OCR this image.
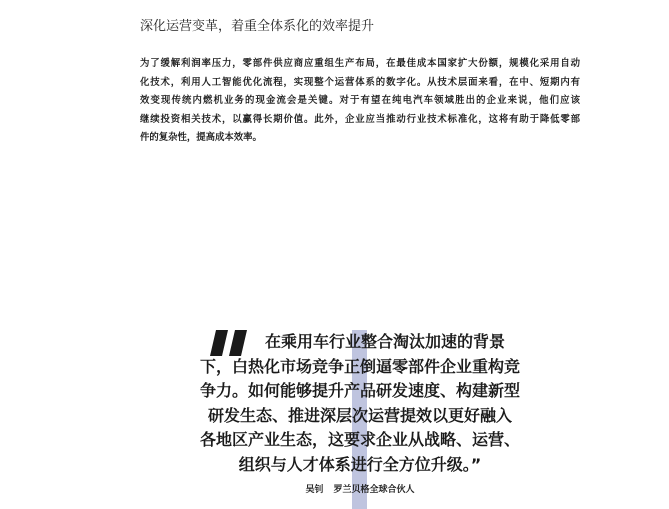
深化运营变革，着重全体系化的效率提升

为了缓解利润率压力，零部件供应商应重组生产布局，在最佳成本国家扩大份额，规模化采用自动
化技术，利用人工智能优化流程，实现整个运营体系的数字化。从技术层面来看，在中、短期内有
效变现传统内燃机业务的现金流会是关键。对于有望在纯电汽车领域胜出的企业来说，他们应该
继续投资相关技术，以赢得长期价值。此外，企业应当推动行业技术标准化，这将有助于降低零部
件的复杂性，提高成本效率。

在乘用车行业整合淘汰加速的背景
下，白热化市场竞争正倒逼零部件企业重构竞
争力。如何能够提升产品研发速度、构建新型
研发生态、推进深层次运营提效以更好融入
各地区产业生态，这要求企业从战略、运营、
组织与人才体系进行全方位升级。”
吴钊 罗兰贝格全球合伙人
